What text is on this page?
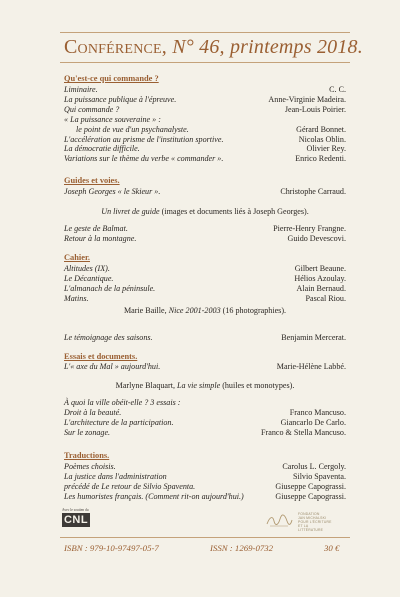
Conférence, N° 46, printemps 2018.
Qu'est-ce qui commande ?
Liminaire.	C. C.
La puissance publique à l'épreuve.	Anne-Virginie Madeira.
Qui commande ?	Jean-Louis Poirier.
« La puissance souveraine » :
le point de vue d'un psychanalyste.	Gérard Bonnet.
L'accélération au prisme de l'institution sportive.	Nicolas Oblin.
La démocratie difficile.	Olivier Rey.
Variations sur le thème du verbe « commander ».	Enrico Redenti.
Guides et voies.
Joseph Georges « le Skieur ».	Christophe Carraud.
Un livret de guide (images et documents liés à Joseph Georges).
Le geste de Balmat.	Pierre-Henry Frangne.
Retour à la montagne.	Guido Devescovi.
Cahier.
Altitudes (IX).	Gilbert Beaune.
Le Décantique.	Hélios Azoulay.
L'almanach de la péninsule.	Alain Bernaud.
Matins.	Pascal Riou.
Marie Baille, Nice 2001-2003 (16 photographies).
Le témoignage des saisons.	Benjamin Mercerat.
Essais et documents.
L'« axe du Mal » aujourd'hui.	Marie-Hélène Labbé.
Marlyne Blaquart, La vie simple (huiles et monotypes).
À quoi la ville obéit-elle ? 3 essais :
Droit à la beauté.	Franco Mancuso.
L'architecture de la participation.	Giancarlo De Carlo.
Sur le zonage.	Franco & Stella Mancuso.
Traductions.
Poèmes choisis.	Carolus L. Cergoly.
La justice dans l'administration	Silvio Spaventa.
précédé de Le retour de Silvio Spaventa.	Giuseppe Capograssi.
Les humoristes français. (Comment rit-on aujourd'hui.)	Giuseppe Capograssi.
Avec le soutien du
CNL	FONDATION
JAN MICHALSKI
POUR L'ÉCRITURE
ET LA
LITTÉRATURE
ISBN : 979-10-97497-05-7	ISSN : 1269-0732	30 €
